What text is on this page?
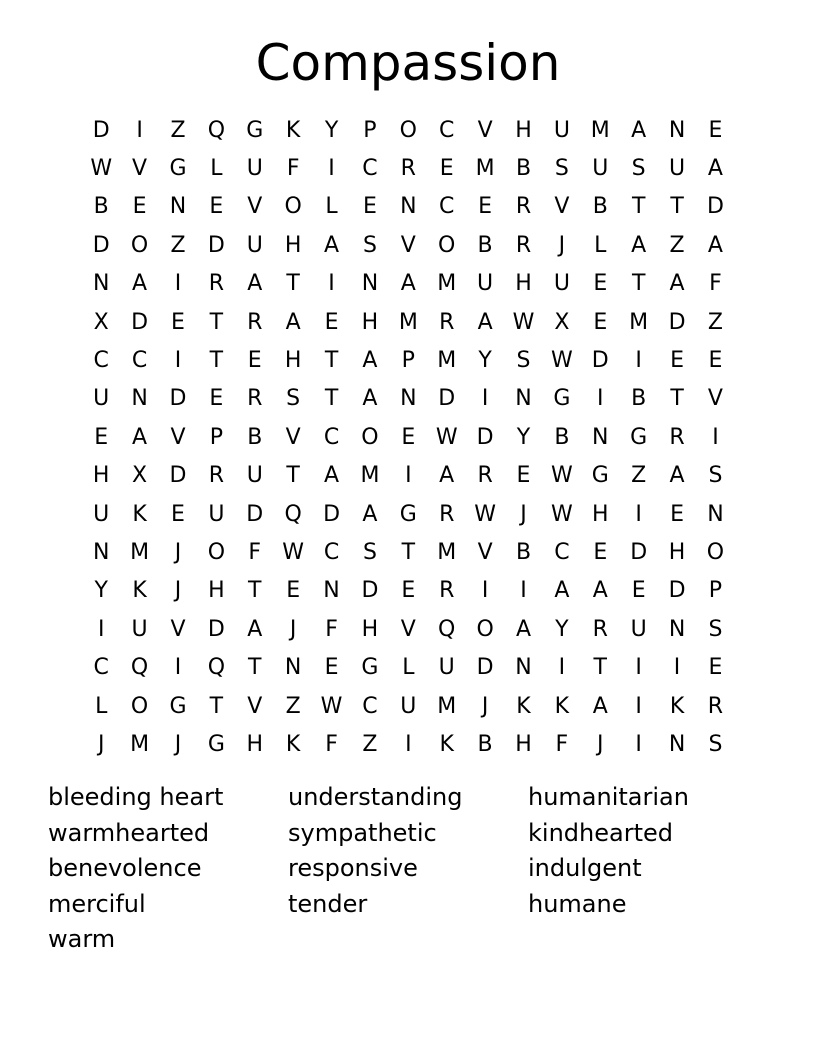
Compassion
D	I	Z	Q G	K	Y	P	O	C	V	H	U M A	N	E
W V	G	L	U	F	I	C	R	E M B	S	U	S	U	A
B	E	N	E	V	O	L	E	N	C	E	R	V	B	T	T	D
D O	Z	D U	H	A	S	V	O	B	R	J	L	A	Z	A
N	A	I	R	A	T	I	N	A M U	H	U	E	T	A	F
X	D	E	T	R	A	E	H M R	A W X	E M D	Z
C	C	I	T	E	H	T	A	P	M	Y	S W D	I	E	E
U	N D	E	R	S	T	A	N D	I	N G	I	B	T	V
E	A	V	P	B	V	C	O	E W D	Y	B	N G	R	I
H	X	D	R	U	T	A M	I	A	R	E W G	Z	A	S
U	K	E	U D Q D	A	G	R W	J	W H	I	E	N
N M	J	O	F W C	S	T	M V	B	C	E	D H O
Y	K	J	H	T	E	N D	E	R	I	I	A	A	E	D	P
I	U	V	D	A	J	F	H	V	Q O	A	Y	R	U	N	S
C	Q	I	Q	T	N	E	G	L	U D N	I	T	I	I	E
L	O G	T	V	Z W C	U M	J	K	K	A	I	K	R
J	M	J	G H	K	F	Z	I	K	B	H	F	J	I	N	S
bleeding heart
warmhearted
benevolence
merciful
warm
understanding
sympathetic
responsive
tender
humanitarian
kindhearted
indulgent
humane
